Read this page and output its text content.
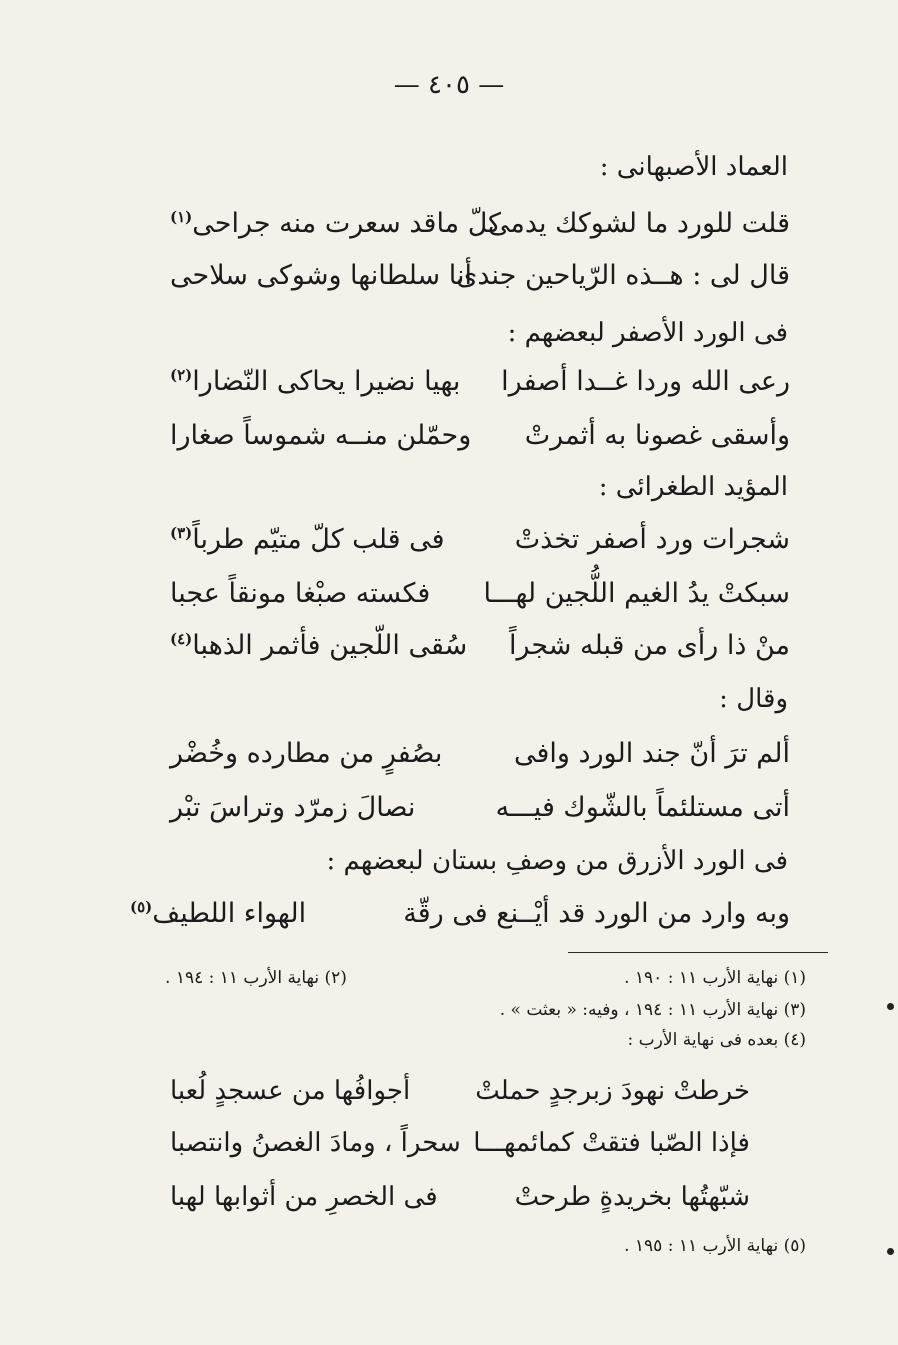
— ٤٠٥ —
العماد الأصبهانى :
قلت للورد ما لشوكك يدمى
كلّ ماقد سعرت منه جراحى$^{(١)}$
قال لى : هــذه الرّياحين جندى
أنا سلطانها وشوكى سلاحى
فى الورد الأصفر لبعضهم :
رعى الله وردا غــدا أصفرا
بهيا نضيرا يحاكى النّضارا$^{(٢)}$
وأسقى غصونا به أثمرتْ
وحمّلن منــه شموساً صغارا
المؤيد الطغرائى :
شجرات ورد أصفر تخذتْ
فى قلب كلّ متيّم طرباً$^{(٣)}$
سبكتْ يدُ الغيم اللُّجين لهـــا
فكسته صبْغا مونقاً عجبا
منْ ذا رأى من قبله شجراً
سُقى اللّجين فأثمر الذهبا$^{(٤)}$
وقال :
ألم ترَ أنّ جند الورد وافى
بصُفرٍ من مطارده وخُضْر
أتى مستلئماً بالشّوك فيـــه
نصالَ زمرّد وتراسَ تبْر
فى الورد الأزرق من وصفِ بستان لبعضهم :
وبه وارد من الورد قد أيْــنع فى رقّة
الهواء اللطيف$^{(٥)}$
(١) نهاية الأرب ١١ : ١٩٠ .
(٢) نهاية الأرب ١١ : ١٩٤ .
(٣) نهاية الأرب ١١ : ١٩٤ ، وفيه: « بعثت » .
(٤) بعده فى نهاية الأرب :
خرطتْ نهودَ زبرجدٍ حملتْ
أجوافُها من عسجدٍ لُعبا
فإذا الصّبا فتقتْ كمائمهـــا
سحراً ، ومادَ الغصنُ وانتصبا
شبّهتُها بخريدةٍ طرحتْ
فى الخصرِ من أثوابها لهبا
(٥) نهاية الأرب ١١ : ١٩٥ .
